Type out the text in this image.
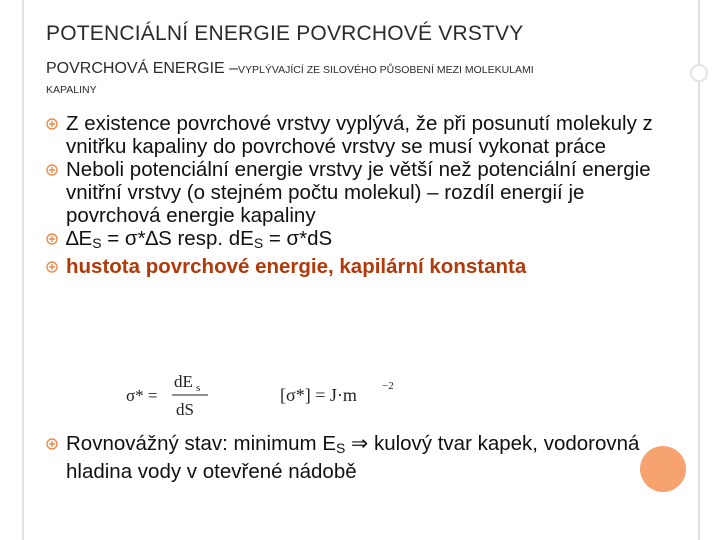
POTENCIÁLNÍ ENERGIE POVRCHOVÉ VRSTVY
POVRCHOVÁ ENERGIE –VYPLÝVAJÍCÍ ZE SILOVÉHO PŮSOBENÍ MEZI MOLEKULAMI
KAPALINY
Z existence povrchové vrstvy vyplývá, že při posunutí molekuly z vnitřku kapaliny do povrchové vrstvy se musí vykonat práce
Neboli potenciální energie vrstvy je větší než potenciální energie vnitřní vrstvy (o stejném počtu molekul) – rozdíl energií je povrchová energie kapaliny
$\Delta E_S = \sigma*\Delta S$ resp. $dE_S = \sigma*dS$
hustota povrchové energie, kapilární konstanta
σ* =
dE s
dS
[σ*] = J·m −2
Rovnovážný stav: minimum $E_S$ ⇒ kulový tvar kapek, vodorovná hladina vody v otevřené nádobě
